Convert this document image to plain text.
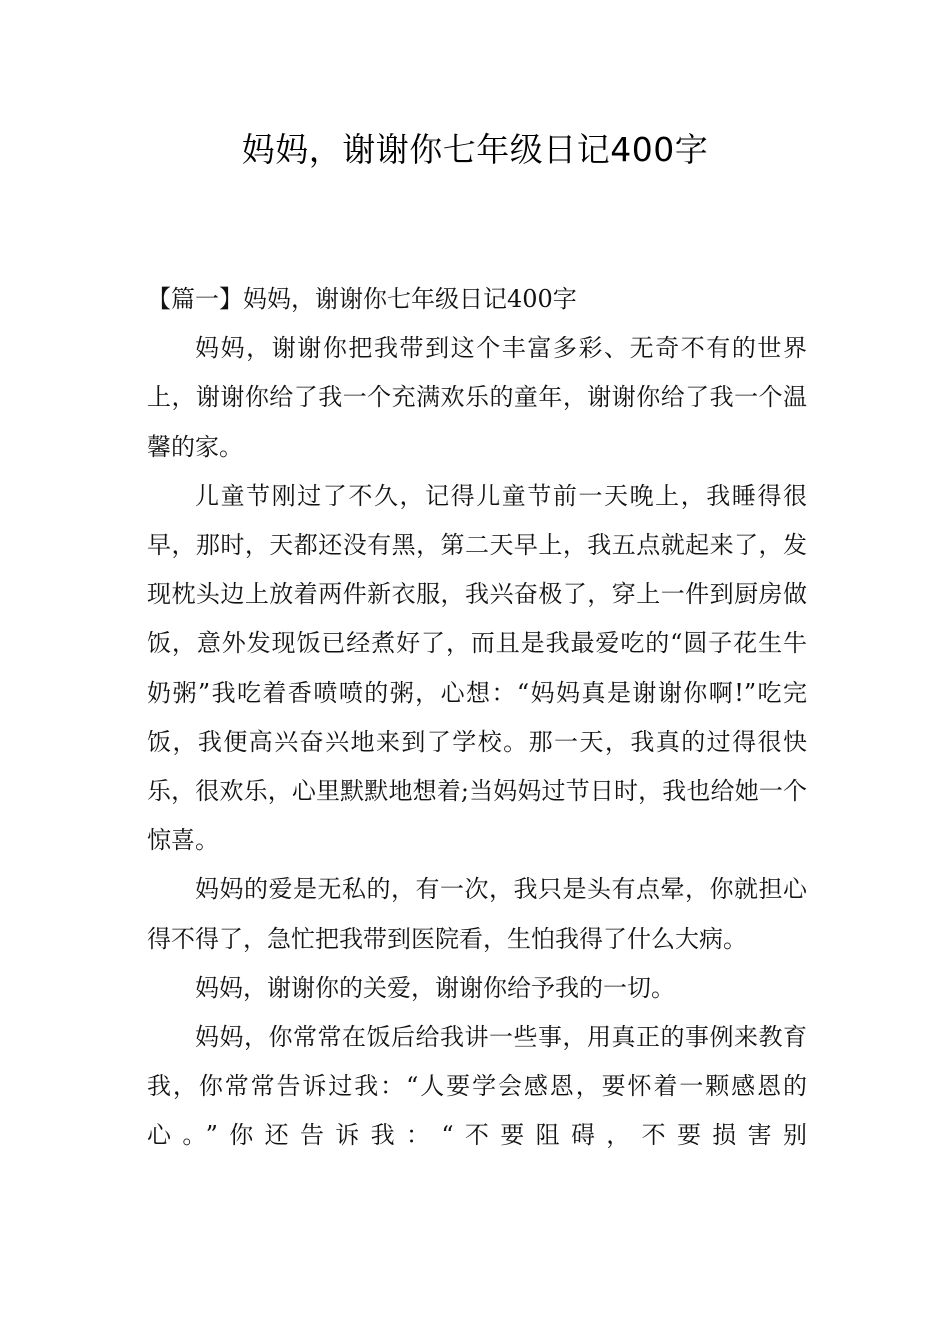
妈妈，谢谢你七年级日记400字

【篇一】妈妈，谢谢你七年级日记400字

妈妈，谢谢你把我带到这个丰富多彩、无奇不有的世界上，谢谢你给了我一个充满欢乐的童年，谢谢你给了我一个温馨的家。

儿童节刚过了不久，记得儿童节前一天晚上，我睡得很早，那时，天都还没有黑，第二天早上，我五点就起来了，发现枕头边上放着两件新衣服，我兴奋极了，穿上一件到厨房做饭，意外发现饭已经煮好了，而且是我最爱吃的“圆子花生牛奶粥”我吃着香喷喷的粥，心想：“妈妈真是谢谢你啊!”吃完饭，我便高兴奋兴地来到了学校。那一天，我真的过得很快乐，很欢乐，心里默默地想着;当妈妈过节日时，我也给她一个惊喜。

妈妈的爱是无私的，有一次，我只是头有点晕，你就担心得不得了，急忙把我带到医院看，生怕我得了什么大病。

妈妈，谢谢你的关爱，谢谢你给予我的一切。

妈妈，你常常在饭后给我讲一些事，用真正的事例来教育我，你常常告诉过我：“人要学会感恩，要怀着一颗感恩的心。”你还告诉我：“不要阻碍，不要损害别
